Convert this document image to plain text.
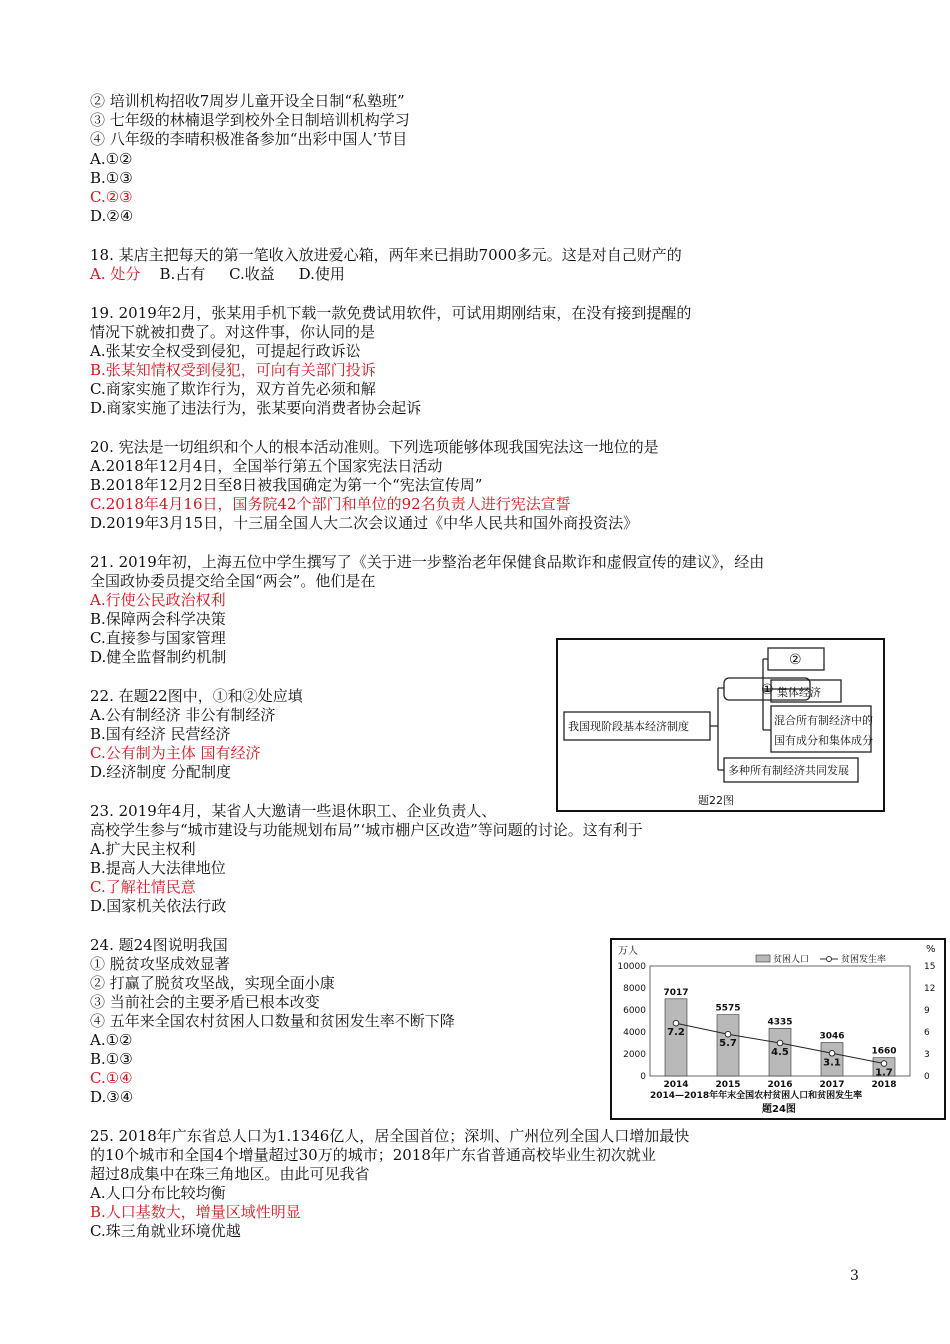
② 培训机构招收7周岁儿童开设全日制“私塾班”
③ 七年级的林楠退学到校外全日制培训机构学习
④ 八年级的李晴积极准备参加“出彩中国人’节目
A.①②
B.①③
C.②③
D.②④
18. 某店主把每天的第一笔收入放进爱心箱，两年来已捐助7000多元。这是对自己财产的
A. 处分 B.占有 C.收益 D.使用
19. 2019年2月，张某用手机下载一款免费试用软件，可试用期刚结束，在没有接到提醒的
情况下就被扣费了。对这件事，你认同的是
A.张某安全权受到侵犯，可提起行政诉讼
B.张某知情权受到侵犯，可向有关部门投诉
C.商家实施了欺诈行为，双方首先必须和解
D.商家实施了违法行为，张某要向消费者协会起诉
20. 宪法是一切组织和个人的根本活动准则。下列选项能够体现我国宪法这一地位的是
A.2018年12月4日，全国举行第五个国家宪法日活动
B.2018年12月2日至8日被我国确定为第一个“宪法宣传周”
C.2018年4月16日，国务院42个部门和单位的92名负责人进行宪法宣誓
D.2019年3月15日，十三届全国人大二次会议通过《中华人民共和国外商投资法》
21. 2019年初，上海五位中学生撰写了《关于进一步整治老年保健食品欺诈和虚假宣传的建议》，经由
全国政协委员提交给全国“两会”。他们是在
A.行使公民政治权利
B.保障两会科学决策
C.直接参与国家管理
D.健全监督制约机制
22. 在题22图中，①和②处应填
A.公有制经济 非公有制经济
B.国有经济 民营经济
C.公有制为主体 国有经济
D.经济制度 分配制度
我国现阶段基本经济制度
①
②
集体经济
混合所有制经济中的
国有成分和集体成分
多种所有制经济共同发展
题22图
23. 2019年4月，某省人大邀请一些退休职工、企业负责人、
高校学生参与“城市建设与功能规划布局”‘城市棚户区改造”等问题的讨论。这有利于
A.扩大民主权利
B.提高人大法律地位
C.了解社情民意
D.国家机关依法行政
24. 题24图说明我国
① 脱贫攻坚成效显著
② 打赢了脱贫攻坚战，实现全面小康
③ 当前社会的主要矛盾已根本改变
④ 五年来全国农村贫困人口数量和贫困发生率不断下降
A.①②
B.①③
C.①④
D.③④
万人	%
10000
8000
6000
4000
2000
0
15
12
9
6
3
0
7017
5575
4335
3046
1660
7.2
5.7
4.5
3.1
1.7
2014	2015	2016	2017	2018
贫困人口	贫困发生率
2014—2018年年末全国农村贫困人口和贫困发生率
题24图
25. 2018年广东省总人口为1.1346亿人，居全国首位；深圳、广州位列全国人口增加最快
的10个城市和全国4个增量超过30万的城市；2018年广东省普通高校毕业生初次就业
超过8成集中在珠三角地区。由此可见我省
A.人口分布比较均衡
B.人口基数大，增量区域性明显
C.珠三角就业环境优越
3
